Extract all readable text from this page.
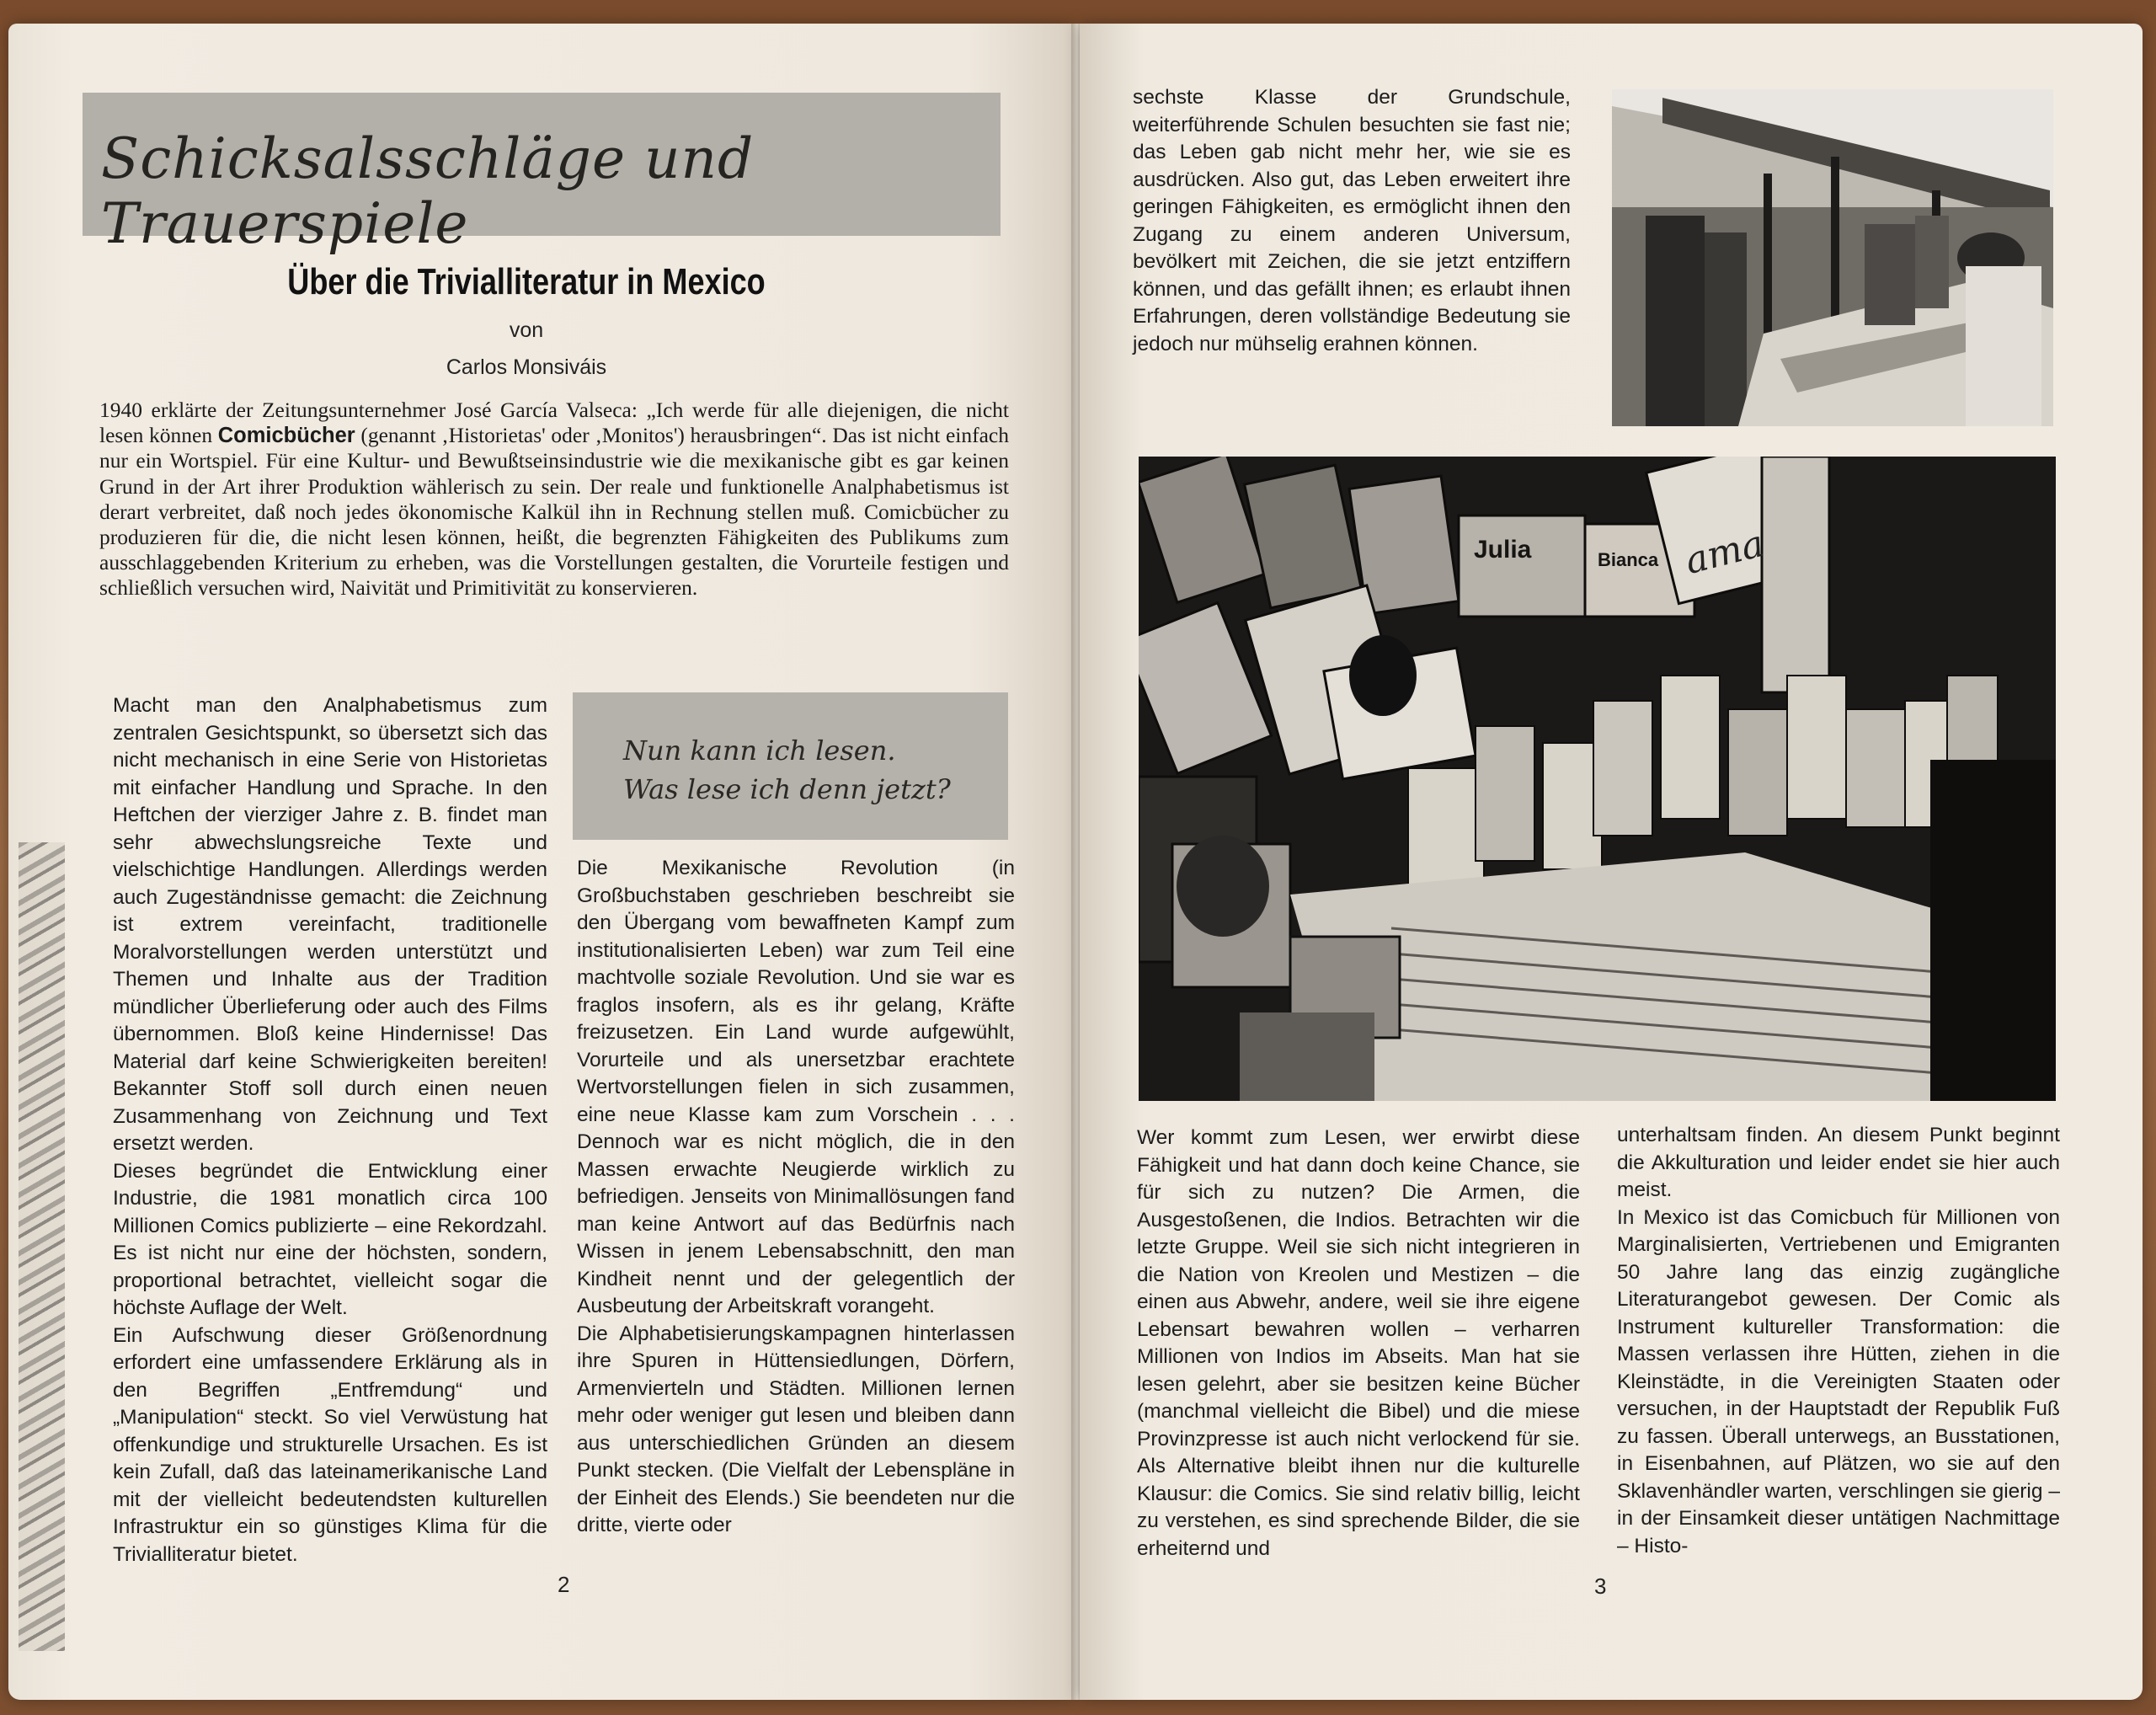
Schicksalsschläge und Trauerspiele
Über die Trivialliteratur in Mexico
von
Carlos Monsiváis
1940 erklärte der Zeitungsunternehmer José García Valseca: „Ich werde für alle diejenigen, die nicht lesen können Comicbücher (genannt ‚Historietas' oder ‚Monitos') herausbringen“. Das ist nicht einfach nur ein Wortspiel. Für eine Kultur- und Bewußtseinsindustrie wie die mexikanische gibt es gar keinen Grund in der Art ihrer Produktion wählerisch zu sein. Der reale und funktionelle Analphabetismus ist derart verbreitet, daß noch jedes ökonomische Kalkül ihn in Rechnung stellen muß. Comicbücher zu produzieren für die, die nicht lesen können, heißt, die begrenzten Fähigkeiten des Publikums zum ausschlaggebenden Kriterium zu erheben, was die Vorstellungen gestalten, die Vorurteile festigen und schließlich versuchen wird, Naivität und Primitivität zu konservieren.

Macht man den Analphabetismus zum zentralen Gesichtspunkt, so übersetzt sich das nicht mechanisch in eine Serie von Historietas mit einfacher Handlung und Sprache. In den Heftchen der vierziger Jahre z. B. findet man sehr abwechslungsreiche Texte und vielschichtige Handlungen. Allerdings werden auch Zugeständnisse gemacht: die Zeichnung ist extrem vereinfacht, traditionelle Moralvorstellungen werden unterstützt und Themen und Inhalte aus der Tradition mündlicher Überlieferung oder auch des Films übernommen. Bloß keine Hindernisse! Das Material darf keine Schwierigkeiten bereiten! Bekannter Stoff soll durch einen neuen Zusammenhang von Zeichnung und Text ersetzt werden.

Dieses begründet die Entwicklung einer Industrie, die 1981 monatlich circa 100 Millionen Comics publizierte – eine Rekordzahl. Es ist nicht nur eine der höchsten, sondern, proportional betrachtet, vielleicht sogar die höchste Auflage der Welt.

Ein Aufschwung dieser Größenordnung erfordert eine umfassendere Erklärung als in den Begriffen „Entfremdung“ und „Manipulation“ steckt. So viel Verwüstung hat offenkundige und strukturelle Ursachen. Es ist kein Zufall, daß das lateinamerikanische Land mit der vielleicht bedeutendsten kulturellen Infrastruktur ein so günstiges Klima für die Trivialliteratur bietet.

Nun kann ich lesen.
Was lese ich denn jetzt?

Die Mexikanische Revolution (in Großbuchstaben geschrieben beschreibt sie den Übergang vom bewaffneten Kampf zum institutionalisierten Leben) war zum Teil eine machtvolle soziale Revolution. Und sie war es fraglos insofern, als es ihr gelang, Kräfte freizusetzen. Ein Land wurde aufgewühlt, Vorurteile und als unersetzbar erachtete Wertvorstellungen fielen in sich zusammen, eine neue Klasse kam zum Vorschein . . . Dennoch war es nicht möglich, die in den Massen erwachte Neugierde wirklich zu befriedigen. Jenseits von Minimallösungen fand man keine Antwort auf das Bedürfnis nach Wissen in jenem Lebensabschnitt, den man Kindheit nennt und der gelegentlich der Ausbeutung der Arbeitskraft vorangeht.

Die Alphabetisierungskampagnen hinterlassen ihre Spuren in Hüttensiedlungen, Dörfern, Armenvierteln und Städten. Millionen lernen mehr oder weniger gut lesen und bleiben dann aus unterschiedlichen Gründen an diesem Punkt stecken. (Die Vielfalt der Lebenspläne in der Einheit des Elends.) Sie beendeten nur die dritte, vierte oder

2

sechste Klasse der Grundschule, weiterführende Schulen besuchten sie fast nie; das Leben gab nicht mehr her, wie sie es ausdrücken. Also gut, das Leben erweitert ihre geringen Fähigkeiten, es ermöglicht ihnen den Zugang zu einem anderen Universum, bevölkert mit Zeichen, die sie jetzt entziffern können, und das gefällt ihnen; es erlaubt ihnen Erfahrungen, deren vollständige Bedeutung sie jedoch nur mühselig erahnen können.

Julia	Bianca ama

Wer kommt zum Lesen, wer erwirbt diese Fähigkeit und hat dann doch keine Chance, sie für sich zu nutzen? Die Armen, die Ausgestoßenen, die Indios. Betrachten wir die letzte Gruppe. Weil sie sich nicht integrieren in die Nation von Kreolen und Mestizen – die einen aus Abwehr, andere, weil sie ihre eigene Lebensart bewahren wollen – verharren Millionen von Indios im Abseits. Man hat sie lesen gelehrt, aber sie besitzen keine Bücher (manchmal vielleicht die Bibel) und die miese Provinzpresse ist auch nicht verlockend für sie. Als Alternative bleibt ihnen nur die kulturelle Klausur: die Comics. Sie sind relativ billig, leicht zu verstehen, es sind sprechende Bilder, die sie erheiternd und

unterhaltsam finden. An diesem Punkt beginnt die Akkulturation und leider endet sie hier auch meist.

In Mexico ist das Comicbuch für Millionen von Marginalisierten, Vertriebenen und Emigranten 50 Jahre lang das einzig zugängliche Literaturangebot gewesen. Der Comic als Instrument kultureller Transformation: die Massen verlassen ihre Hütten, ziehen in die Kleinstädte, in die Vereinigten Staaten oder versuchen, in der Hauptstadt der Republik Fuß zu fassen. Überall unterwegs, an Busstationen, in Eisenbahnen, auf Plätzen, wo sie auf den Sklavenhändler warten, verschlingen sie gierig – in der Einsamkeit dieser untätigen Nachmittage – Histo-

3
